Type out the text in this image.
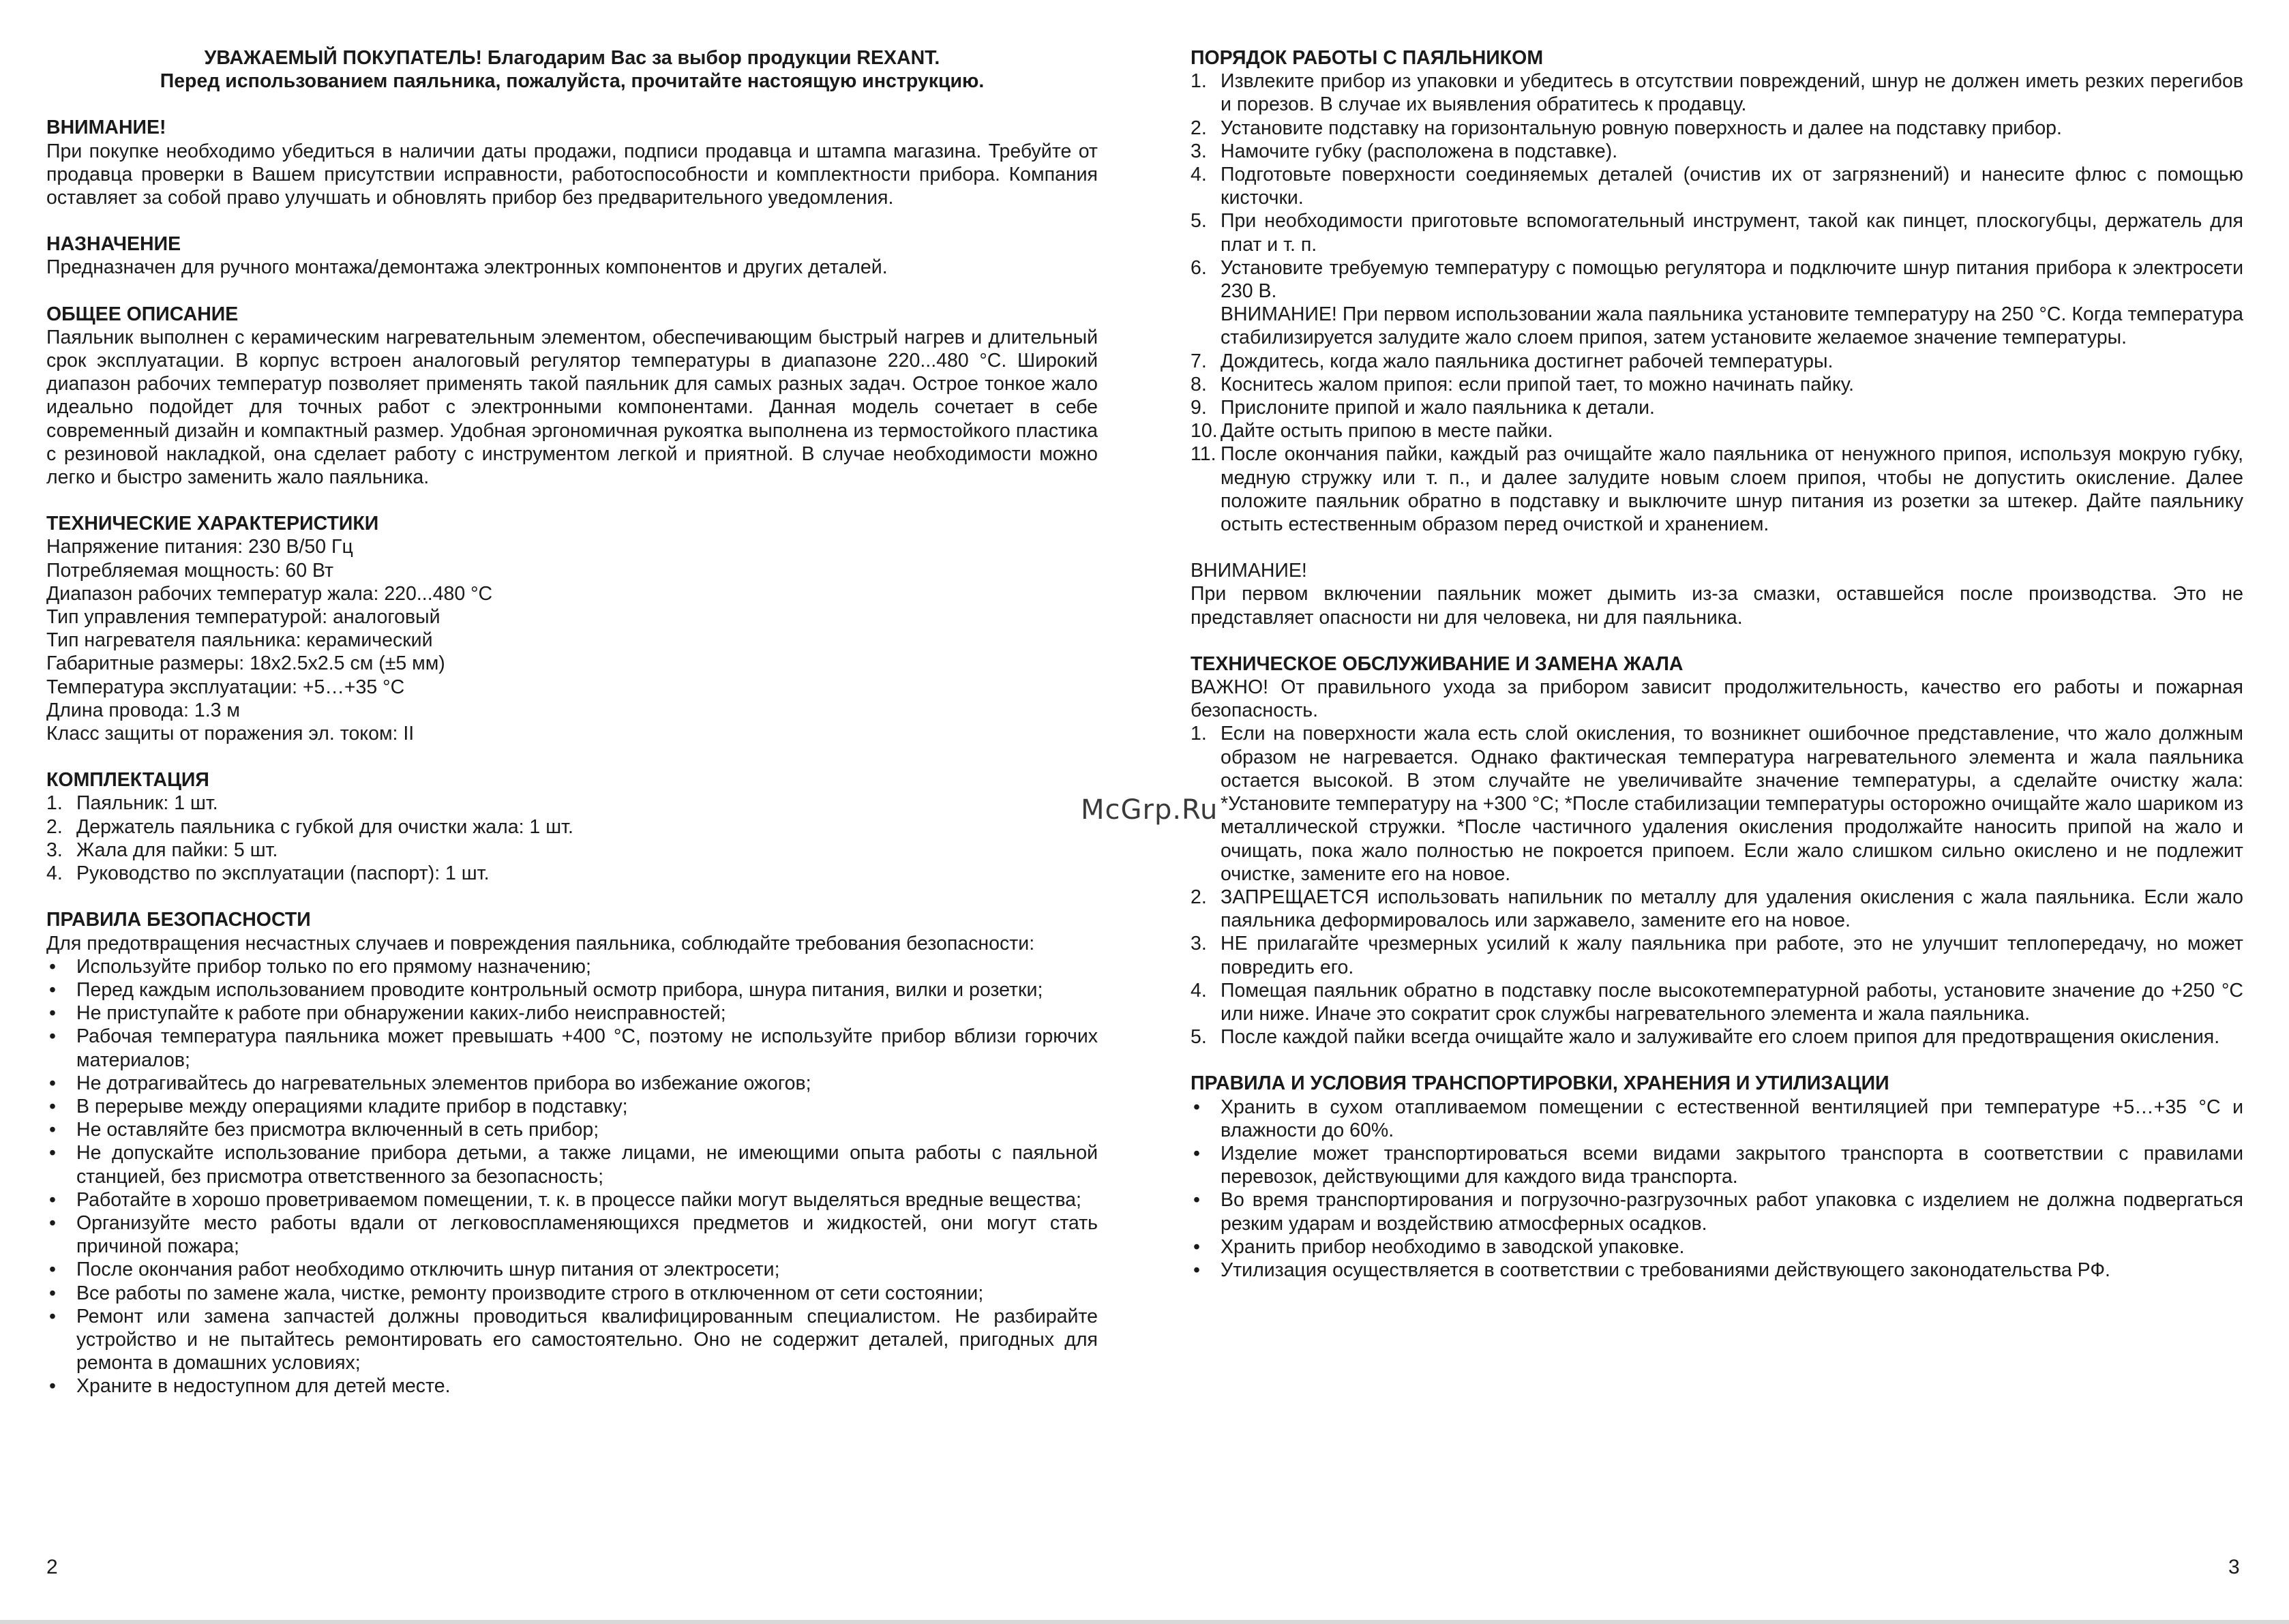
УВАЖАЕМЫЙ ПОКУПАТЕЛЬ! Благодарим Вас за выбор продукции REXANT.
Перед использованием паяльника, пожалуйста, прочитайте настоящую инструкцию.
ВНИМАНИЕ!

При покупке необходимо убедиться в наличии даты продажи, подписи продавца и штампа магазина. Требуйте от продавца проверки в Вашем присутствии исправности, работоспособности и комплектности прибора. Компания оставляет за собой право улучшать и обновлять прибор без предварительного уведомления.

НАЗНАЧЕНИЕ

Предназначен для ручного монтажа/демонтажа электронных компонентов и других деталей.

ОБЩЕЕ ОПИСАНИЕ

Паяльник выполнен с керамическим нагревательным элементом, обеспечивающим быстрый нагрев и длительный срок эксплуатации. В корпус встроен аналоговый регулятор температуры в диапазоне 220...480 °С. Широкий диапазон рабочих температур позволяет применять такой паяльник для самых разных задач. Острое тонкое жало идеально подойдет для точных работ с электронными компонентами. Данная модель сочетает в себе современный дизайн и компактный размер. Удобная эргономичная рукоятка выполнена из термостойкого пластика с резиновой накладкой, она сделает работу с инструментом легкой и приятной. В случае необходимости можно легко и быстро заменить жало паяльника.

ТЕХНИЧЕСКИЕ ХАРАКТЕРИСТИКИ
Напряжение питания: 230 В/50 Гц
Потребляемая мощность: 60 Вт
Диапазон рабочих температур жала: 220...480 °С
Тип управления температурой: аналоговый
Тип нагревателя паяльника: керамический
Габаритные размеры: 18х2.5х2.5 см (±5 мм)
Температура эксплуатации: +5…+35 °С
Длина провода: 1.3 м
Класс защиты от поражения эл. током: II
КОМПЛЕКТАЦИЯ
1. Паяльник: 1 шт.
2. Держатель паяльника с губкой для очистки жала: 1 шт.
3. Жала для пайки: 5 шт.
4. Руководство по эксплуатации (паспорт): 1 шт.
ПРАВИЛА БЕЗОПАСНОСТИ

Для предотвращения несчастных случаев и повреждения паяльника, соблюдайте требования безопасности:

• Используйте прибор только по его прямому назначению;
• Перед каждым использованием проводите контрольный осмотр прибора, шнура питания, вилки и розетки;
• Не приступайте к работе при обнаружении каких-либо неисправностей;
• Рабочая температура паяльника может превышать +400 °С, поэтому не используйте прибор вблизи горючих материалов;
• Не дотрагивайтесь до нагревательных элементов прибора во избежание ожогов;
• В перерыве между операциями кладите прибор в подставку;
• Не оставляйте без присмотра включенный в сеть прибор;
• Не допускайте использование прибора детьми, а также лицами, не имеющими опыта работы с паяльной станцией, без присмотра ответственного за безопасность;
• Работайте в хорошо проветриваемом помещении, т. к. в процессе пайки могут выделяться вредные вещества;
• Организуйте место работы вдали от легковоспламеняющихся предметов и жидкостей, они могут стать причиной пожара;
• После окончания работ необходимо отключить шнур питания от электросети;
• Все работы по замене жала, чистке, ремонту производите строго в отключенном от сети состоянии;
• Ремонт или замена запчастей должны проводиться квалифицированным специалистом. Не разбирайте устройство и не пытайтесь ремонтировать его самостоятельно. Оно не содержит деталей, пригодных для ремонта в домашних условиях;
• Храните в недоступном для детей месте.
ПОРЯДОК РАБОТЫ С ПАЯЛЬНИКОМ
1. Извлеките прибор из упаковки и убедитесь в отсутствии повреждений, шнур не должен иметь резких перегибов и порезов. В случае их выявления обратитесь к продавцу.
2. Установите подставку на горизонтальную ровную поверхность и далее на подставку прибор.
3. Намочите губку (расположена в подставке).
4. Подготовьте поверхности соединяемых деталей (очистив их от загрязнений) и нанесите флюс с помощью кисточки.
5. При необходимости приготовьте вспомогательный инструмент, такой как пинцет, плоскогубцы, держатель для плат и т. п.
6. Установите требуемую температуру с помощью регулятора и подключите шнур питания прибора к электросети 230 В.
ВНИМАНИЕ! При первом использовании жала паяльника установите температуру на 250 °С. Когда температура стабилизируется залудите жало слоем припоя, затем установите желаемое значение температуры.
7. Дождитесь, когда жало паяльника достигнет рабочей температуры.
8. Коснитесь жалом припоя: если припой тает, то можно начинать пайку.
9. Прислоните припой и жало паяльника к детали.
10. Дайте остыть припою в месте пайки.
11. После окончания пайки, каждый раз очищайте жало паяльника от ненужного припоя, используя мокрую губку, медную стружку или т. п., и далее залудите новым слоем припоя, чтобы не допустить окисление. Далее положите паяльник обратно в подставку и выключите шнур питания из розетки за штекер. Дайте паяльнику остыть естественным образом перед очисткой и хранением.
ВНИМАНИЕ!

При первом включении паяльник может дымить из-за смазки, оставшейся после производства. Это не представляет опасности ни для человека, ни для паяльника.

ТЕХНИЧЕСКОЕ ОБСЛУЖИВАНИЕ И ЗАМЕНА ЖАЛА

ВАЖНО! От правильного ухода за прибором зависит продолжительность, качество его работы и пожарная безопасность.

1. Если на поверхности жала есть слой окисления, то возникнет ошибочное представление, что жало должным образом не нагревается. Однако фактическая температура нагревательного элемента и жала паяльника остается высокой. В этом случайте не увеличивайте значение температуры, а сделайте очистку жала: *Установите температуру на +300 °С; *После стабилизации температуры осторожно очищайте жало шариком из металлической стружки. *После частичного удаления окисления продолжайте наносить припой на жало и очищать, пока жало полностью не покроется припоем. Если жало слишком сильно окислено и не подлежит очистке, замените его на новое.
2. ЗАПРЕЩАЕТСЯ использовать напильник по металлу для удаления окисления с жала паяльника. Если жало паяльника деформировалось или заржавело, замените его на новое.
3. НЕ прилагайте чрезмерных усилий к жалу паяльника при работе, это не улучшит теплопередачу, но может повредить его.
4. Помещая паяльник обратно в подставку после высокотемпературной работы, установите значение до +250 °С или ниже. Иначе это сократит срок службы нагревательного элемента и жала паяльника.
5. После каждой пайки всегда очищайте жало и залуживайте его слоем припоя для предотвращения окисления.
ПРАВИЛА И УСЛОВИЯ ТРАНСПОРТИРОВКИ, ХРАНЕНИЯ И УТИЛИЗАЦИИ
• Хранить в сухом отапливаемом помещении с естественной вентиляцией при температуре +5…+35 °С и влажности до 60%.
• Изделие может транспортироваться всеми видами закрытого транспорта в соответствии с правилами перевозок, действующими для каждого вида транспорта.
• Во время транспортирования и погрузочно-разгрузочных работ упаковка с изделием не должна подвергаться резким ударам и воздействию атмосферных осадков.
• Хранить прибор необходимо в заводской упаковке.
• Утилизация осуществляется в соответствии с требованиями действующего законодательства РФ.
McGrp.Ru
2	3
